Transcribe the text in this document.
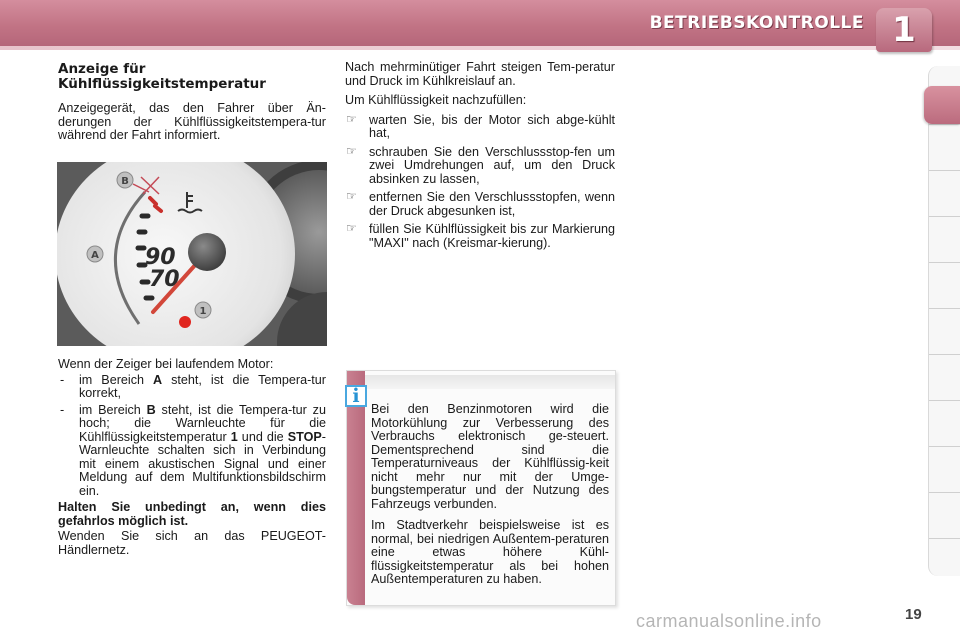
BETRIEBSKONTROLLE 1
Anzeige für
Kühlflüssigkeitstemperatur

Anzeigegerät, das den Fahrer über Än-derungen der Kühlflüssigkeitstempera-tur während der Fahrt informiert.

90
70
B
A
1

Wenn der Zeiger bei laufendem Motor:

- im Bereich A steht, ist die Tempera-tur korrekt,
- im Bereich B steht, ist die Tempera-tur zu hoch; die Warnleuchte für die Kühlflüssigkeitstemperatur 1 und die STOP-Warnleuchte schalten sich in Verbindung mit einem akustischen Signal und einer Meldung auf dem Multifunktionsbildschirm ein.

Halten Sie unbedingt an, wenn dies gefahrlos möglich ist.

Wenden Sie sich an das PEUGEOT-Händlernetz.

Nach mehrminütiger Fahrt steigen Tem-peratur und Druck im Kühlkreislauf an.

Um Kühlflüssigkeit nachzufüllen:

☞ warten Sie, bis der Motor sich abge-kühlt hat,
☞ schrauben Sie den Verschlussstop-fen um zwei Umdrehungen auf, um den Druck absinken zu lassen,
☞ entfernen Sie den Verschlussstopfen, wenn der Druck abgesunken ist,
☞ füllen Sie Kühlflüssigkeit bis zur Markierung "MAXI" nach (Kreismar-kierung).
i

Bei den Benzinmotoren wird die Motorkühlung zur Verbesserung des Verbrauchs elektronisch ge-steuert. Dementsprechend sind die Temperaturniveaus der Kühlflüssig-keit nicht mehr nur mit der Umge-bungstemperatur und der Nutzung des Fahrzeugs verbunden.

Im Stadtverkehr beispielsweise ist es normal, bei niedrigen Außentem-peraturen eine etwas höhere Kühl-flüssigkeitstemperatur als bei hohen Außentemperaturen zu haben.

carmanualsonline.info	19
